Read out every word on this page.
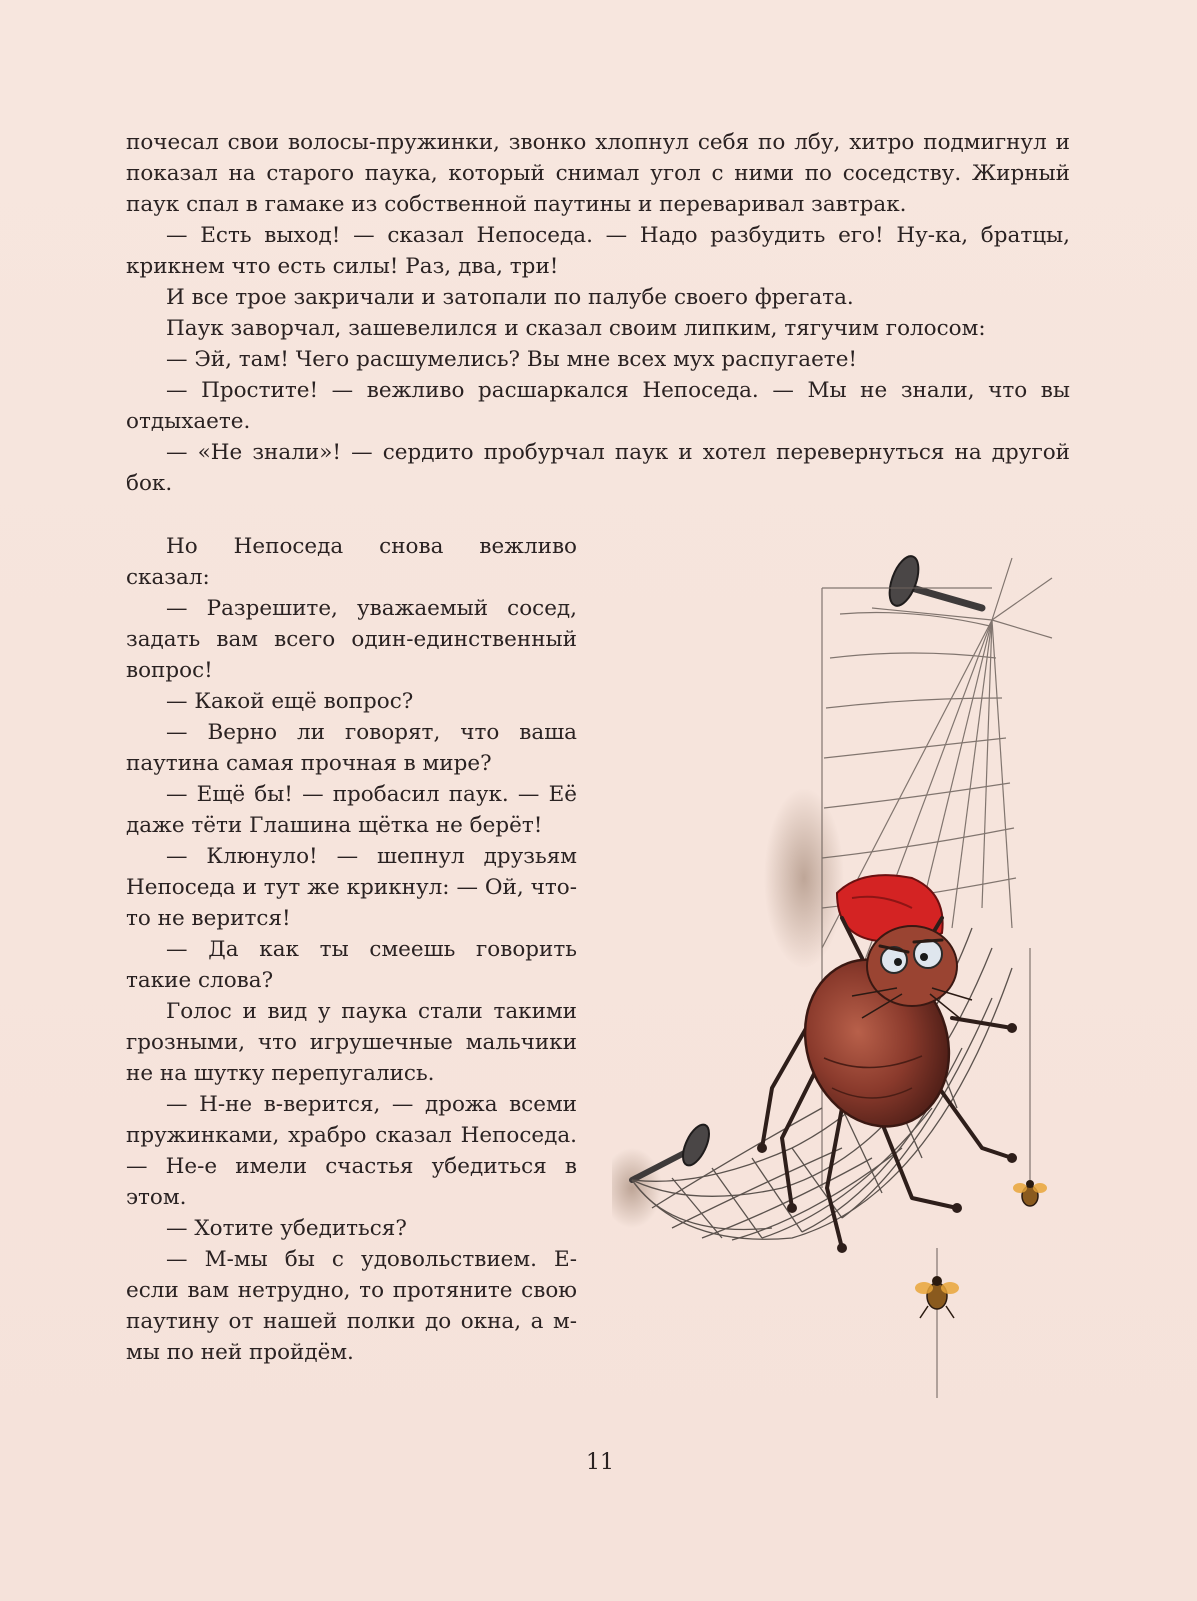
почесал свои волосы-пружинки, звонко хлопнул себя по лбу, хитро подмигнул и показал на старого паука, который снимал угол с ними по соседству. Жирный паук спал в гамаке из собственной паутины и переваривал завтрак.

— Есть выход! — сказал Непоседа. — Надо разбудить его! Ну-ка, братцы, крикнем что есть силы! Раз, два, три!

И все трое закричали и затопали по палубе своего фрегата.

Паук заворчал, зашевелился и сказал своим липким, тягучим голосом:

— Эй, там! Чего расшумелись? Вы мне всех мух распугаете!

— Простите! — вежливо расшаркался Непоседа. — Мы не знали, что вы отдыхаете.

— «Не знали»! — сердито пробурчал паук и хотел перевернуться на другой бок.

Но Непоседа снова вежливо сказал:

— Разрешите, уважаемый сосед, задать вам всего один-единственный вопрос!

— Какой ещё вопрос?

— Верно ли говорят, что ваша паутина самая прочная в мире?

— Ещё бы! — пробасил паук. — Её даже тёти Глашина щётка не берёт!

— Клюнуло! — шепнул друзьям Непоседа и тут же крикнул: — Ой, что-то не верится!

— Да как ты смеешь говорить такие слова?

Голос и вид у паука стали такими грозными, что игрушечные мальчики не на шутку перепугались.

— Н-не в-верится, — дрожа всеми пружинками, храбро сказал Непоседа. — Не-е имели счастья убедиться в этом.

— Хотите убедиться?

— М-мы бы с удовольствием. Е-если вам нетрудно, то протяните свою паутину от нашей полки до окна, а м-мы по ней пройдём.

11
